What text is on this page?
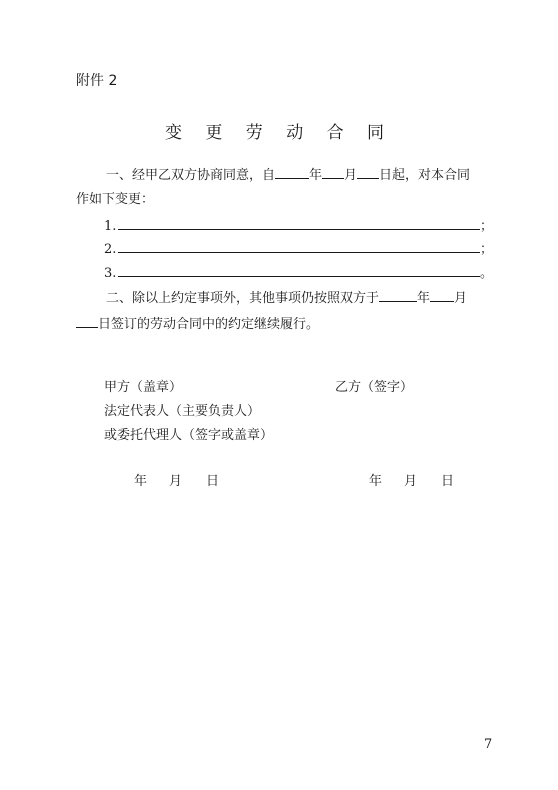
附件 2
变 更 劳 动 合 同
一、经甲乙双方协商同意，自	年 月 日起，对本合同
作如下变更：
1.	；
2.	；
3.	。
二、除以上约定事项外，其他事项仍按照双方于	年 月
日签订的劳动合同中的约定继续履行。
甲方（盖章）	乙方（签字）
法定代表人（主要负责人）
或委托代理人（签字或盖章）
年 月 日	年 月 日
7
